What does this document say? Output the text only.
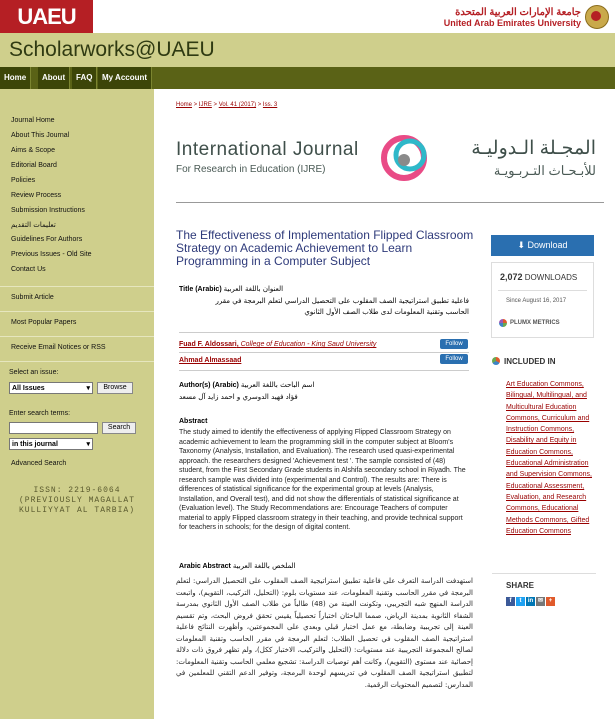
UAEU	جامعة الإمارات العربية المتحدة
United Arab Emirates University
Scholarworks@UAEU
Home	About	FAQ	My Account
Journal Home
About This Journal
Aims & Scope
Editorial Board
Policies
Review Process
Submission Instructions
تعليمات التقديم
Guidelines For Authors
Previous Issues - Old Site
Contact Us
Submit Article
Most Popular Papers
Receive Email Notices or RSS
Select an issue:
All Issues	▾	Browse
Enter search terms:
Search
in this journal	▾
Advanced Search
ISSN: 2219-6064
(PREVIOUSLY MAGALLAT
KULLIYYAT AL TARBIA)
Home > IJRE > Vol. 41 (2017) > Iss. 3
International Journal
For Research in Education (IJRE)
المجـلة الـدوليـة
للأبـحـاث التـربـويـة
The Effectiveness of Implementation Flipped Classroom Strategy on Academic Achievement to Learn Programming in a Computer Subject
Title (Arabic) العنوان باللغة العربية
فاعلية تطبيق استراتيجية الصف المقلوب على التحصيل الدراسي لتعلم البرمجة في مقرر
الحاسب وتقنية المعلومات لدى طلاب الصف الأول الثانوي
Fuad F. Aldossari, College of Education - King Saud University	Follow
Ahmad Almassaad	Follow
Author(s) (Arabic) اسم الباحث باللغة العربية
فؤاد فهيد الدوسري و احمد زايد آل مسعد
Abstract
The study aimed to identify the effectiveness of applying Flipped Classroom Strategy on academic achievement to learn the programming skill in the computer subject at Bloom's Taxonomy (Analysis, Installation, and Evaluation). The research used quasi-experimental approach. the researchers designed 'Achievement test '. The sample consisted of (48) student, from the First Secondary Grade students in Alshifa secondary school in Riyadh. The research sample was divided into (experimental and Control). The results are: There is differences of statistical significance for the experimental group at levels (Analysis, Installation, and Overall test), and did not show the differentials of statistical significance at (Evaluation level). The Study Recommendations are: Encourage Teachers of computer material to apply Flipped classroom strategy in their teaching, and provide technical support for teachers in schools; for the design of digital content.
Arabic Abstract الملخص باللغة العربية
استهدفت الدراسة التعرف على فاعلية تطبيق استراتيجية الصف المقلوب على التحصيل الدراسي: لتعلم البرمجة في مقرر الحاسب وتقنية المعلومات، عند مستويات بلوم: (التحليل، التركيب، التقويم)، واتبعت الدراسة المنهج شبه التجريبي، وتكونت العينة من (48) طالباً من طلاب الصف الأول الثانوي بمدرسة الشفاء الثانوية بمدينة الرياض، صمما الباحثان اختباراً تحصيلياً يقيس تحقق فروض البحث، وتم تقسيم العينة إلى تجريبية وضابطة، مع عمل اختبار قبلي وبعدي على المجموعتين، وأظهرت النتائج فاعلية استراتيجية الصف المقلوب في تحصيل الطلاب: لتعلم البرمجة في مقرر الحاسب وتقنية المعلومات لصالح المجموعة التجريبية عند مستويات: (التحليل والتركيب، الاختبار ككل)، ولم تظهر فروق ذات دلالة إحصائية عند مستوى (التقويم)، وكانت أهم توصيات الدراسة: تشجيع معلمي الحاسب وتقنية المعلومات: لتطبيق استراتيجية الصف المقلوب في تدريسهم لوحدة البرمجة، وتوفير الدعم التقني للمعلمين في المدارس: لتصميم المحتويات الرقمية.
⬇ Download
2,072 DOWNLOADS
Since August 16, 2017
PLUMX METRICS
INCLUDED IN
Art Education Commons, Bilingual, Multilingual, and Multicultural Education Commons, Curriculum and Instruction Commons, Disability and Equity in Education Commons, Educational Administration and Supervision Commons, Educational Assessment, Evaluation, and Research Commons, Educational Methods Commons, Gifted Education Commons
SHARE
f	t	in ✉ +
